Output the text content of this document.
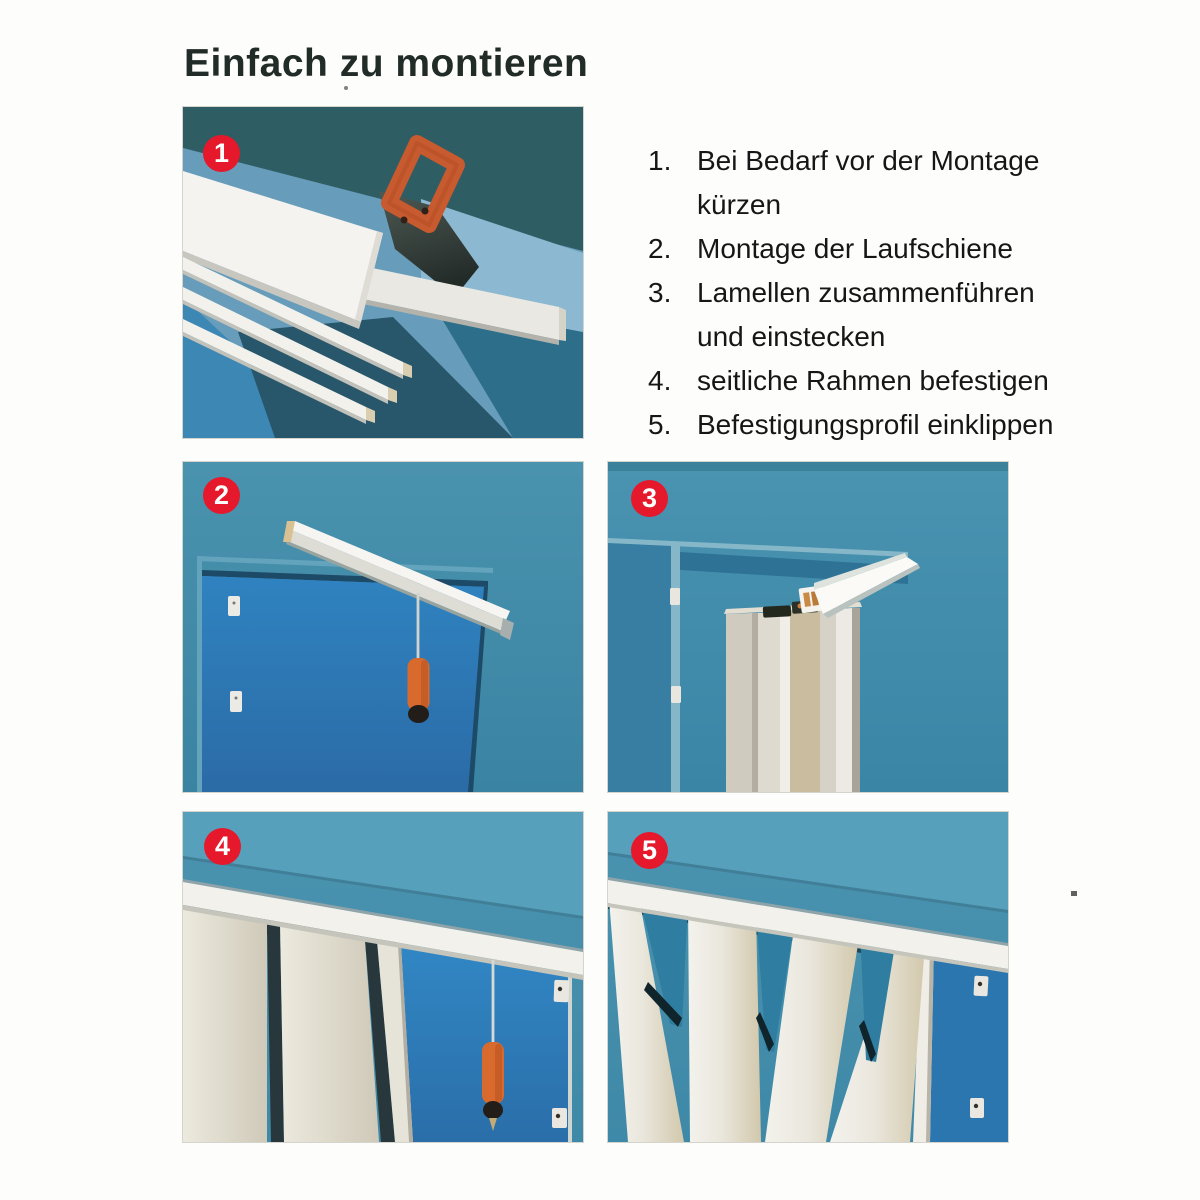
Einfach zu montieren
1
2	3
4	5
1. Bei Bedarf vor der Montage
kürzen
2. Montage der Laufschiene
3. Lamellen zusammenführen
und einstecken
4. seitliche Rahmen befestigen
5. Befestigungsprofil einklippen
